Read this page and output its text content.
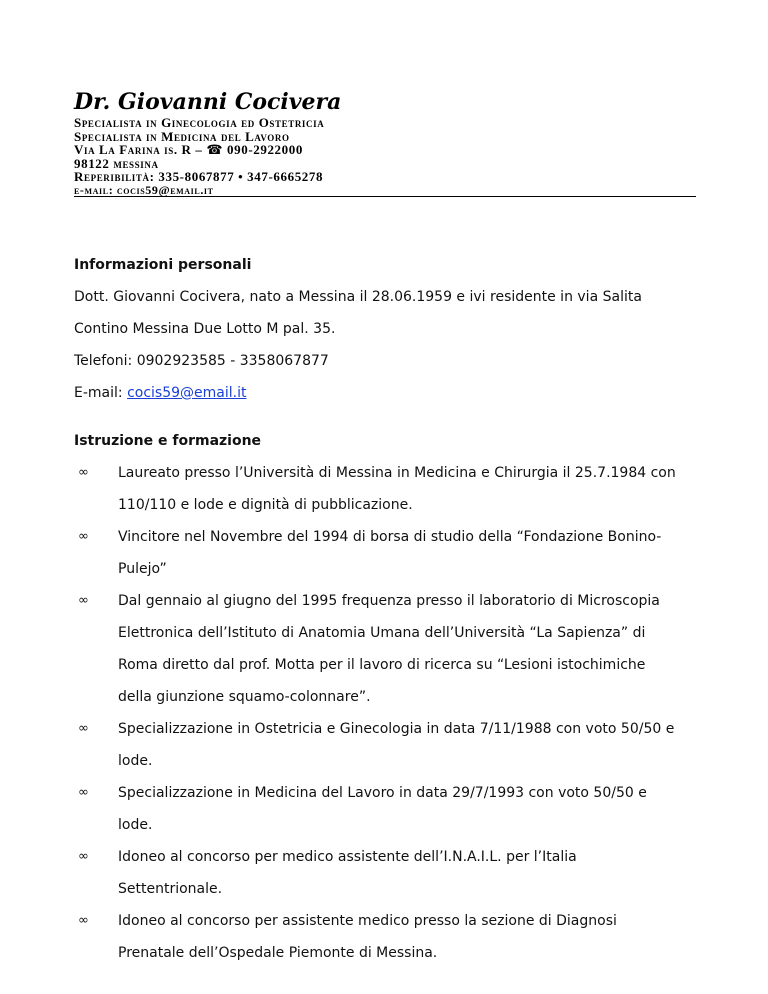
Dr. Giovanni Cocivera

Specialista in Ginecologia ed Ostetricia

Specialista in Medicina del Lavoro

Via La Farina is. R – ☎ 090-2922000

98122 messina

Reperibilità: 335-8067877 • 347-6665278

e-mail: cocis59@email.it

Informazioni personali

Dott. Giovanni Cocivera, nato a Messina il 28.06.1959 e ivi residente in via Salita

Contino Messina Due Lotto M pal. 35.

Telefoni: 0902923585 - 3358067877

E-mail: cocis59@email.it

Istruzione e formazione

∞ Laureato presso l’Università di Messina in Medicina e Chirurgia il 25.7.1984 con
110/110 e lode e dignità di pubblicazione.
∞ Vincitore nel Novembre del 1994 di borsa di studio della “Fondazione Bonino-
Pulejo”
∞ Dal gennaio al giugno del 1995 frequenza presso il laboratorio di Microscopia
Elettronica dell’Istituto di Anatomia Umana dell’Università “La Sapienza” di
Roma diretto dal prof. Motta per il lavoro di ricerca su “Lesioni istochimiche
della giunzione squamo-colonnare”.
∞ Specializzazione in Ostetricia e Ginecologia in data 7/11/1988 con voto 50/50 e
lode.
∞ Specializzazione in Medicina del Lavoro in data 29/7/1993 con voto 50/50 e
lode.
∞ Idoneo al concorso per medico assistente dell’I.N.A.I.L. per l’Italia
Settentrionale.
∞ Idoneo al concorso per assistente medico presso la sezione di Diagnosi
Prenatale dell’Ospedale Piemonte di Messina.
